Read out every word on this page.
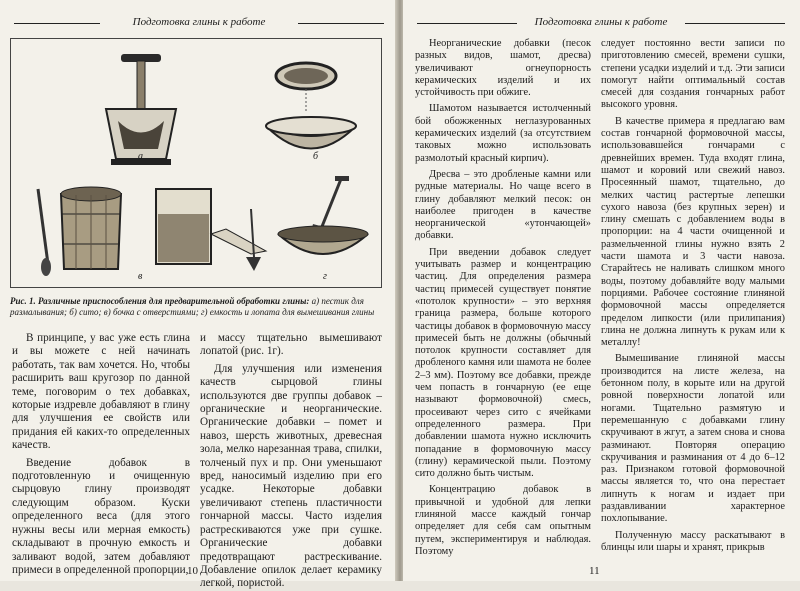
Подготовка глины к работе
а	б
в	г
Рис. 1. Различные приспособления для предварительной обработки глины: а) пестик для размалывания; б) сито; в) бочка с отверстиями; г) емкость и лопата для вымешивания глины

В принципе, у вас уже есть глина и вы можете с ней начинать работать, так вам хочется. Но, чтобы расширить ваш кругозор по данной теме, поговорим о тех добавках, которые издревле добавляют в глину для улучшения ее свойств или придания ей каких-то определенных качеств.

Введение добавок в подготовленную и очищенную сырцовую глину производят следующим образом. Куски определенного веса (для этого нужны весы или мерная емкость) складывают в прочную емкость и заливают водой, затем добавляют примеси в определенной пропорции,

и массу тщательно вымешивают лопатой (рис. 1г).

Для улучшения или изменения качеств сырцовой глины используются две группы добавок – органические и неорганические. Органические добавки – помет и навоз, шерсть животных, древесная зола, мелко нарезанная трава, спилки, толченый пух и пр. Они уменьшают вред, наносимый изделию при его усадке. Некоторые добавки увеличивают степень пластичности гончарной массы. Часто изделия растрескиваются уже при сушке. Органические добавки предотвращают растрескивание. Добавление опилок делает керамику легкой, пористой.

10
Подготовка глины к работе

Неорганические добавки (песок разных видов, шамот, дресва) увеличивают огнеупорность керамических изделий и их устойчивость при обжиге.

Шамотом называется истолченный бой обожженных неглазурованных керамических изделий (за отсутствием таковых можно использовать размолотый красный кирпич).

Дресва – это дробленые камни или рудные материалы. Но чаще всего в глину добавляют мелкий песок: он наиболее пригоден в качестве неорганической «утончающей» добавки.

При введении добавок следует учитывать размер и концентрацию частиц. Для определения размера частиц примесей существует понятие «потолок крупности» – это верхняя граница размера, больше которого частицы добавок в формовочную массу примесей быть не должны (обычный потолок крупности составляет для дробленого камня или шамота не более 2–3 мм). Поэтому все добавки, прежде чем попасть в гончарную (ее еще называют формовочной) смесь, просеивают через сито с ячейками определенного размера. При добавлении шамота нужно исключить попадание в формовочную массу (глину) керамической пыли. Поэтому сито должно быть чистым.

Концентрацию добавок в привычной и удобной для лепки глиняной массе каждый гончар определяет для себя сам опытным путем, экспериментируя и наблюдая. Поэтому

следует постоянно вести записи по приготовлению смесей, времени сушки, степени усадки изделий и т.д. Эти записи помогут найти оптимальный состав смесей для создания гончарных работ высокого уровня.

В качестве примера я предлагаю вам состав гончарной формовочной массы, использовавшейся гончарами с древнейших времен. Туда входят глина, шамот и коровий или свежий навоз. Просеянный шамот, тщательно, до мелких частиц растертые лепешки сухого навоза (без крупных зерен) и глину смешать с добавлением воды в пропорции: на 4 части очищенной и размельченной глины нужно взять 2 части шамота и 3 части навоза. Старайтесь не наливать слишком много воды, поэтому добавляйте воду малыми порциями. Рабочее состояние глиняной формовочной массы определяется пределом липкости (или прилипания) глина не должна липнуть к рукам или к металлу!

Вымешивание глиняной массы производится на листе железа, на бетонном полу, в корыте или на другой ровной поверхности лопатой или ногами. Тщательно размятую и перемешанную с добавками глину скручивают в жгут, а затем снова и снова разминают. Повторяя операцию скручивания и разминания от 4 до 6–12 раз. Признаком готовой формовочной массы является то, что она перестает липнуть к ногам и издает при раздавливании характерное похлопывание.

Полученную массу раскатывают в блинцы или шары и хранят, прикрыв

11
